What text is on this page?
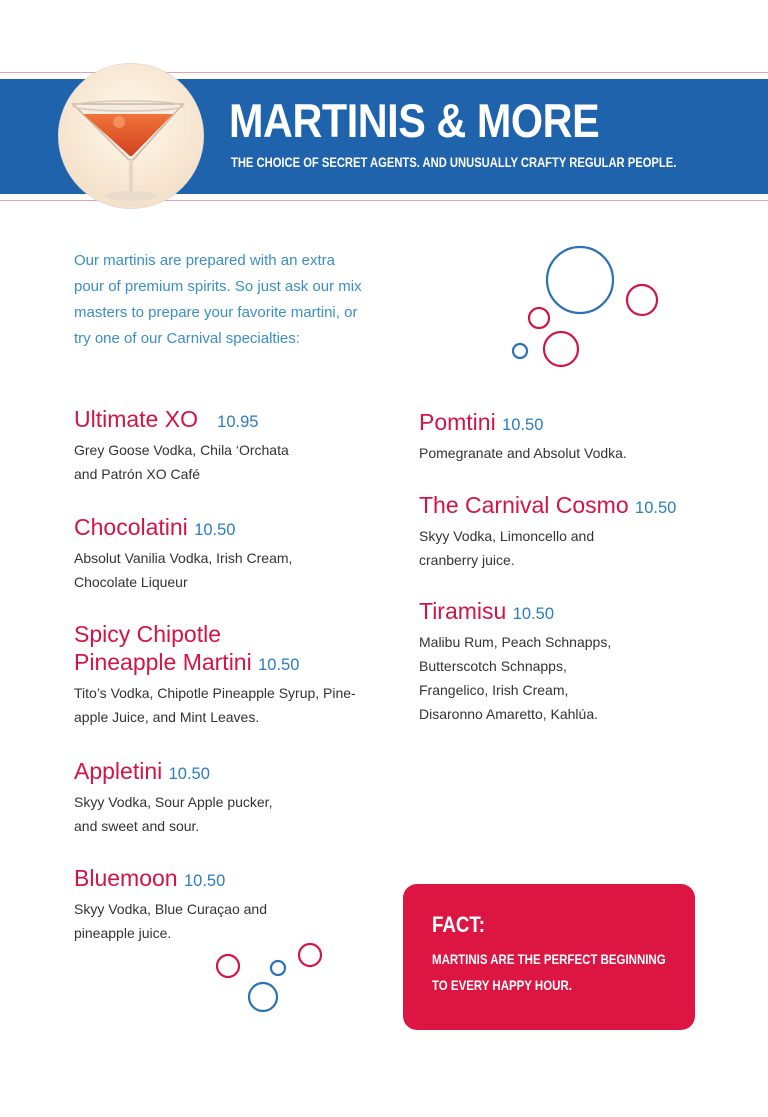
MARTINIS & MORE

THE CHOICE OF SECRET AGENTS. AND UNUSUALLY CRAFTY REGULAR PEOPLE.

Our martinis are prepared with an extra pour of premium spirits. So just ask our mix masters to prepare your favorite martini, or try one of our Carnival specialties:

Ultimate XO 10.95

Grey Goose Vodka, Chila ‘Orchata
and Patrón XO Café

Chocolatini 10.50

Absolut Vanilia Vodka, Irish Cream,
Chocolate Liqueur

Spicy Chipotle
Pineapple Martini 10.50

Tito’s Vodka, Chipotle Pineapple Syrup, Pine-
apple Juice, and Mint Leaves.

Appletini 10.50

Skyy Vodka, Sour Apple pucker,
and sweet and sour.

Bluemoon 10.50

Skyy Vodka, Blue Curaçao and
pineapple juice.

Pomtini 10.50

Pomegranate and Absolut Vodka.

The Carnival Cosmo 10.50

Skyy Vodka, Limoncello and
cranberry juice.

Tiramisu 10.50

Malibu Rum, Peach Schnapps,
Butterscotch Schnapps,
Frangelico, Irish Cream,
Disaronno Amaretto, Kahlúa.

FACT:

MARTINIS ARE THE PERFECT BEGINNING
TO EVERY HAPPY HOUR.
